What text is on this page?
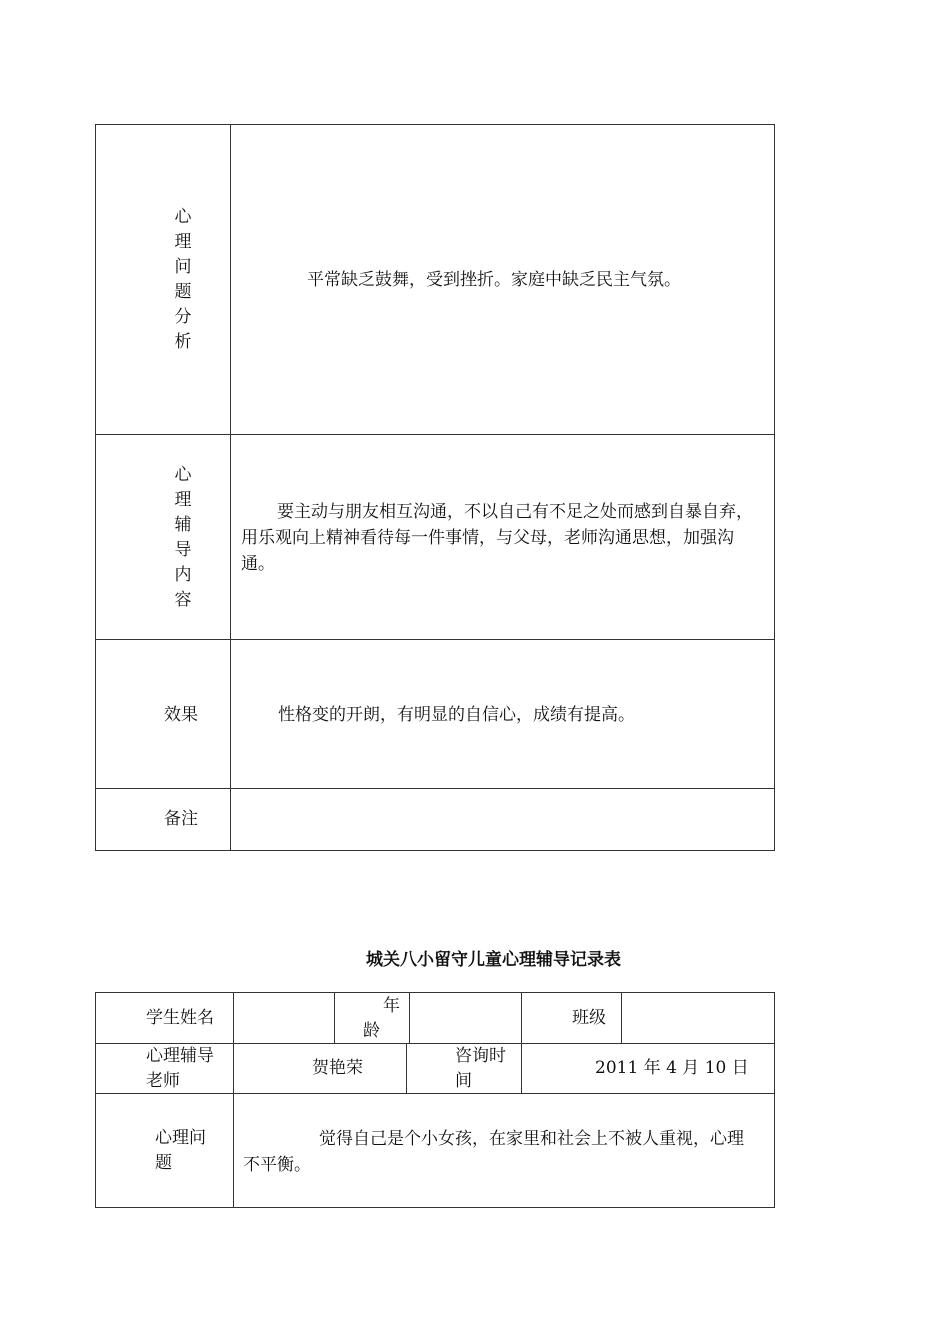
心
理
问
题
分
析
平常缺乏鼓舞，受到挫折。家庭中缺乏民主气氛。
心
理
辅
导
内
容
要主动与朋友相互沟通，不以自己有不足之处而感到自暴自弃，用乐观向上精神看待每一件事情，与父母，老师沟通思想，加强沟通。
效果	性格变的开朗，有明显的自信心，成绩有提高。
备注
城关八小留守儿童心理辅导记录表
学生姓名
年
龄
班级
心理辅导
老师
贺艳荣
咨询时
间
2011 年 4 月 10 日
心理问
题
觉得自己是个小女孩，在家里和社会上不被人重视，心理不平衡。
